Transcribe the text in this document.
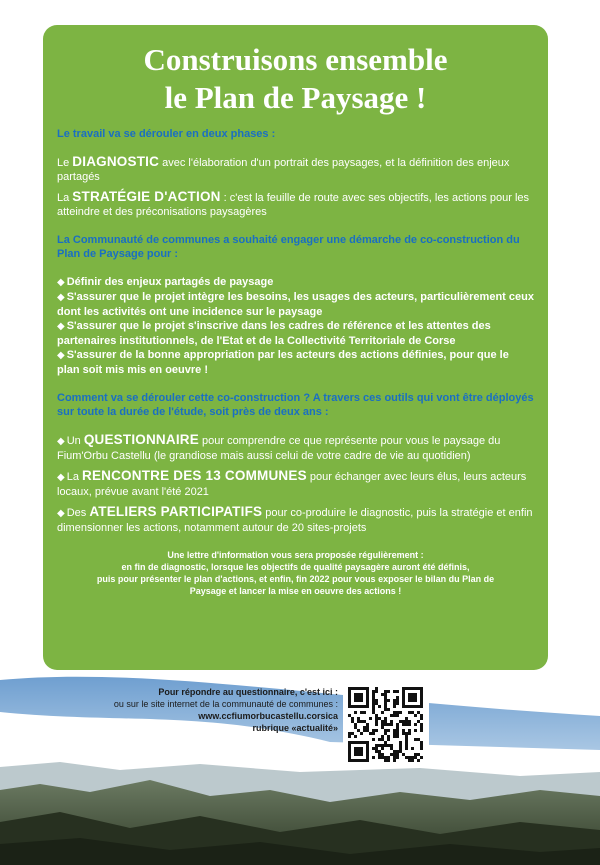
Construisons ensemble
le Plan de Paysage !
Le travail va se dérouler en deux phases :

Le DIAGNOSTIC avec l'élaboration d'un portrait des paysages, et la définition des enjeux partagés

La STRATÉGIE D'ACTION : c'est la feuille de route avec ses objectifs, les actions pour les atteindre et des préconisations paysagères

La Communauté de communes a souhaité engager une démarche de co-construction du Plan de Paysage pour :

◆ Définir des enjeux partagés de paysage

◆ S'assurer que le projet intègre les besoins, les usages des acteurs, particulièrement ceux dont les activités ont une incidence sur le paysage

◆ S'assurer que le projet s'inscrive dans les cadres de référence et les attentes des partenaires institutionnels, de l'Etat et de la Collectivité Territoriale de Corse

◆ S'assurer de la bonne appropriation par les acteurs des actions définies, pour que le plan soit mis mis en oeuvre !

Comment va se dérouler cette co-construction ? A travers ces outils qui vont être déployés sur toute la durée de l'étude, soit près de deux ans :

◆ Un QUESTIONNAIRE pour comprendre ce que représente pour vous le paysage du Fium'Orbu Castellu (le grandiose mais aussi celui de votre cadre de vie au quotidien)

◆ La RENCONTRE DES 13 COMMUNES pour échanger avec leurs élus, leurs acteurs locaux, prévue avant l'été 2021

◆ Des ATELIERS PARTICIPATIFS pour co-produire le diagnostic, puis la stratégie et enfin dimensionner les actions, notamment autour de 20 sites-projets

Une lettre d'information vous sera proposée régulièrement :

en fin de diagnostic, lorsque les objectifs de qualité paysagère auront été définis,

puis pour présenter le plan d'actions, et enfin, fin 2022 pour vous exposer le bilan du Plan de

Paysage et lancer la mise en oeuvre des actions !

Pour répondre au questionnaire, c'est ici :
ou sur le site internet de la communauté de communes :
www.ccfiumorbucastellu.corsica
rubrique «actualité»
